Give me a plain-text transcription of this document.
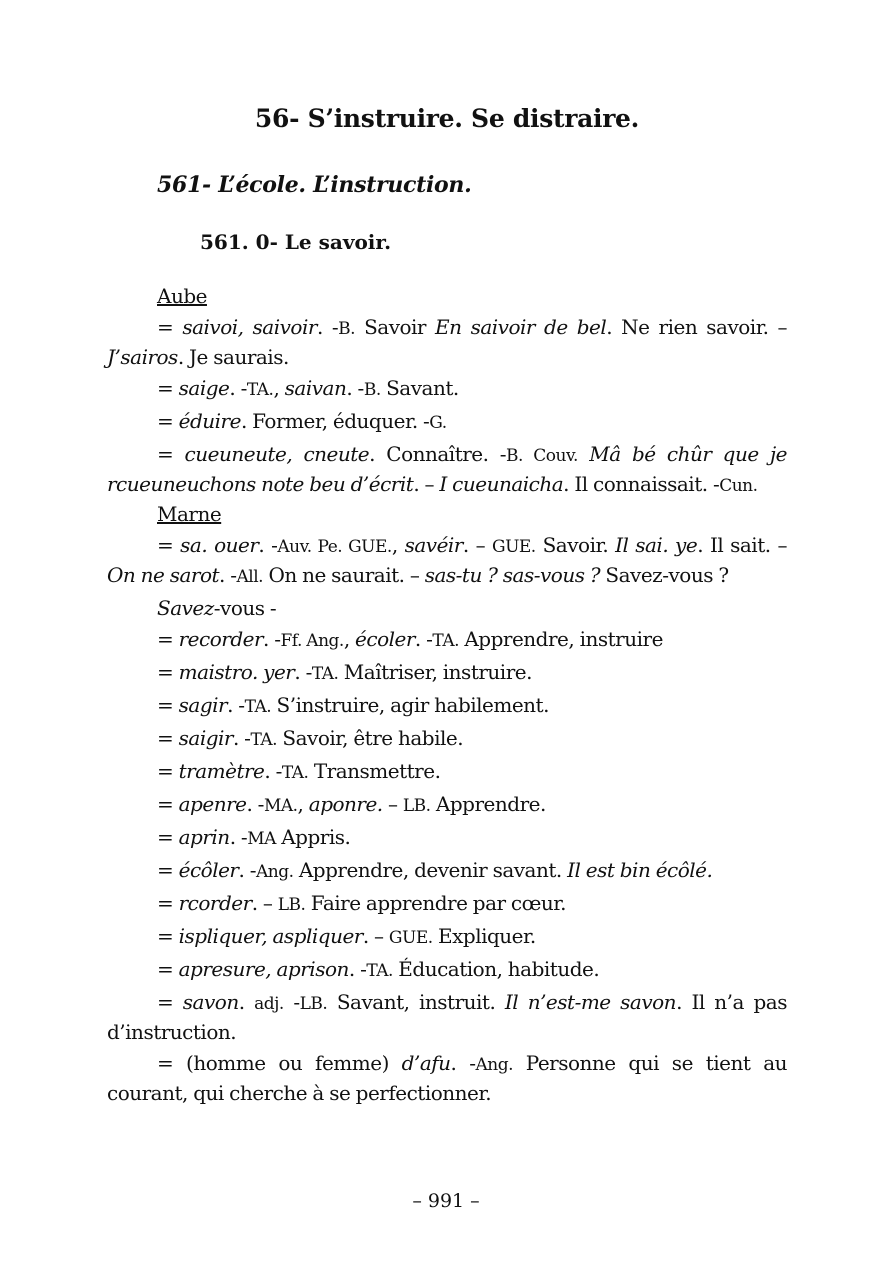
56- S’instruire. Se distraire.
561- L’école. L’instruction.
561. 0- Le savoir.
Aube
= saivoi, saivoir. -B. Savoir En saivoir de bel. Ne rien savoir. – J’sairos. Je saurais.
= saige. -TA., saivan. -B. Savant.
= éduire. Former, éduquer. -G.
= cueuneute, cneute. Connaître. -B. Couv. Mâ bé chûr que je rcueuneuchons note beu d’écrit. – I cueunaicha. Il connaissait. -Cun.
Marne
= sa. ouer. -Auv. Pe. GUE., savéir. – GUE. Savoir. Il sai. ye. Il sait. – On ne sarot. -All. On ne saurait. – sas-tu ? sas-vous ? Savez-vous ?
Savez-vous -
= recorder. -Ff. Ang., écoler. -TA. Apprendre, instruire
= maistro. yer. -TA. Maîtriser, instruire.
= sagir. -TA. S’instruire, agir habilement.
= saigir. -TA. Savoir, être habile.
= tramètre. -TA. Transmettre.
= apenre. -MA., aponre. – LB. Apprendre.
= aprin. -MA Appris.
= écôler. -Ang. Apprendre, devenir savant. Il est bin écôlé.
= rcorder. – LB. Faire apprendre par cœur.
= ispliquer, aspliquer. – GUE. Expliquer.
= apresure, aprison. -TA. Éducation, habitude.
= savon. adj. -LB. Savant, instruit. Il n’est-me savon. Il n’a pas d’instruction.
= (homme ou femme) d’afu. -Ang. Personne qui se tient au courant, qui cherche à se perfectionner.
– 991 –
